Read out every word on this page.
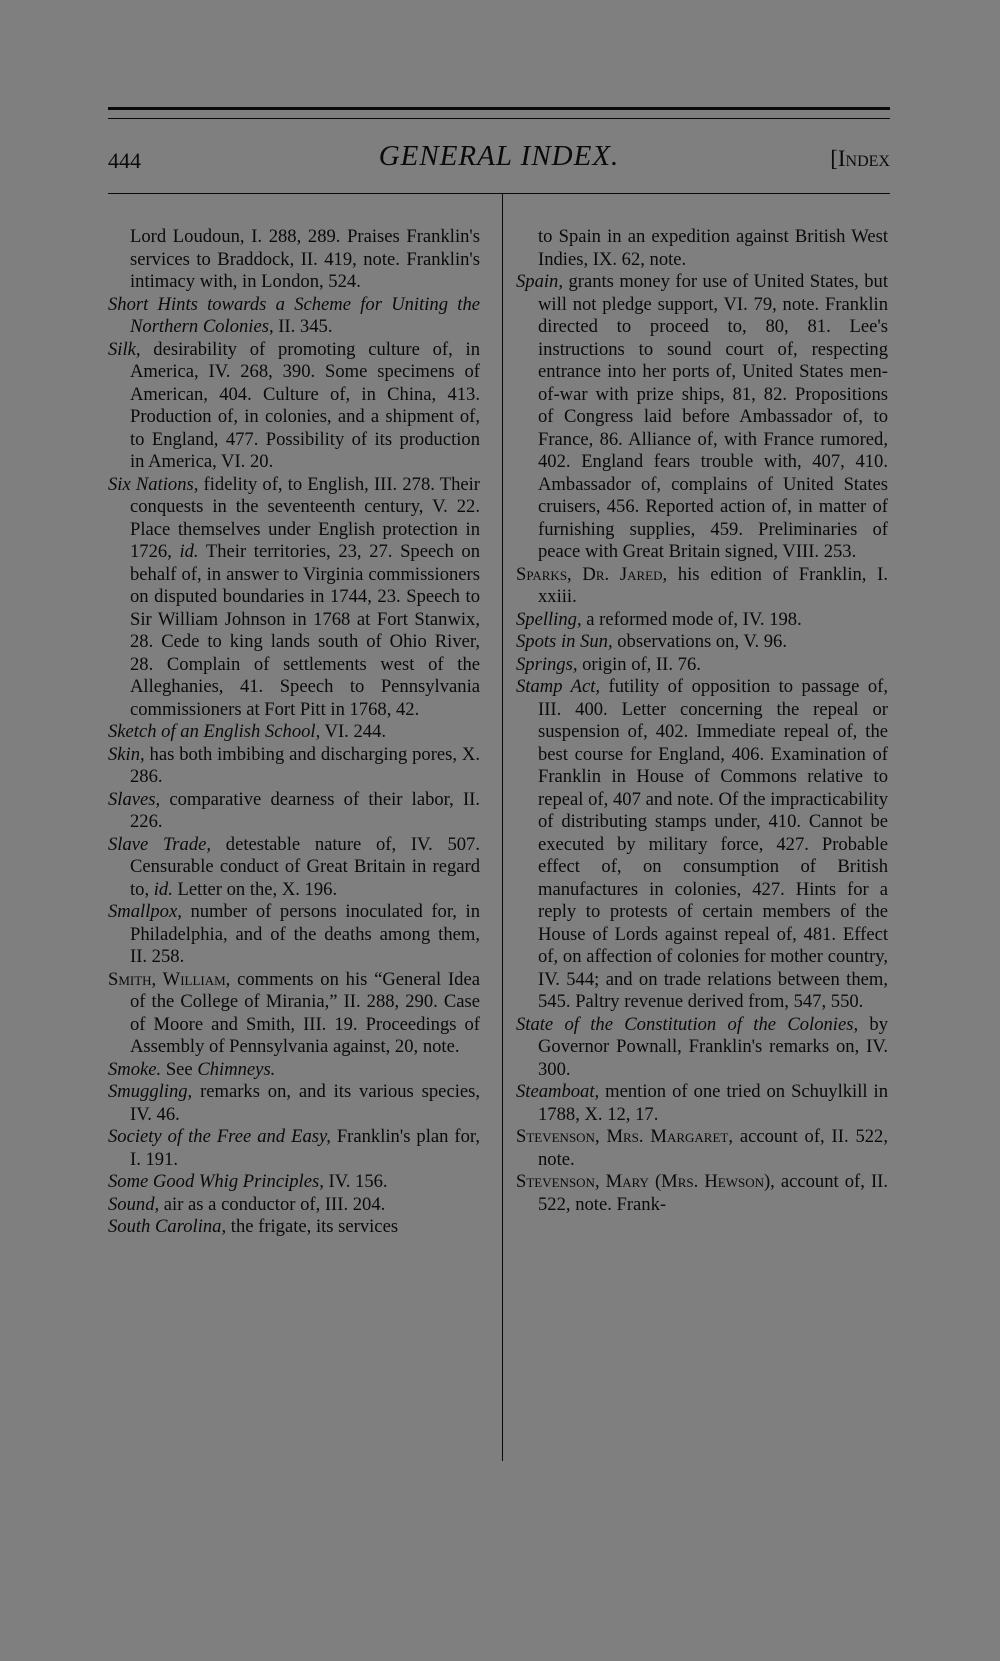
444	GENERAL INDEX.	[Index

Lord Loudoun, I. 288, 289. Praises Franklin's services to Braddock, II. 419, note. Franklin's intimacy with, in London, 524.

Short Hints towards a Scheme for Uniting the Northern Colonies, II. 345.

Silk, desirability of promoting culture of, in America, IV. 268, 390. Some specimens of American, 404. Culture of, in China, 413. Production of, in colonies, and a shipment of, to England, 477. Possibility of its production in America, VI. 20.

Six Nations, fidelity of, to English, III. 278. Their conquests in the seventeenth century, V. 22. Place themselves under English protection in 1726, id. Their territories, 23, 27. Speech on behalf of, in answer to Virginia commissioners on disputed boundaries in 1744, 23. Speech to Sir William Johnson in 1768 at Fort Stanwix, 28. Cede to king lands south of Ohio River, 28. Complain of settlements west of the Alleghanies, 41. Speech to Pennsylvania commissioners at Fort Pitt in 1768, 42.

Sketch of an English School, VI. 244.

Skin, has both imbibing and discharging pores, X. 286.

Slaves, comparative dearness of their labor, II. 226.

Slave Trade, detestable nature of, IV. 507. Censurable conduct of Great Britain in regard to, id. Letter on the, X. 196.

Smallpox, number of persons inoculated for, in Philadelphia, and of the deaths among them, II. 258.

Smith, William, comments on his “General Idea of the College of Mirania,” II. 288, 290. Case of Moore and Smith, III. 19. Proceedings of Assembly of Pennsylvania against, 20, note.

Smoke. See Chimneys.

Smuggling, remarks on, and its various species, IV. 46.

Society of the Free and Easy, Franklin's plan for, I. 191.

Some Good Whig Principles, IV. 156.

Sound, air as a conductor of, III. 204.

South Carolina, the frigate, its services

to Spain in an expedition against British West Indies, IX. 62, note.

Spain, grants money for use of United States, but will not pledge support, VI. 79, note. Franklin directed to proceed to, 80, 81. Lee's instructions to sound court of, respecting entrance into her ports of, United States men-of-war with prize ships, 81, 82. Propositions of Congress laid before Ambassador of, to France, 86. Alliance of, with France rumored, 402. England fears trouble with, 407, 410. Ambassador of, complains of United States cruisers, 456. Reported action of, in matter of furnishing supplies, 459. Preliminaries of peace with Great Britain signed, VIII. 253.

Sparks, Dr. Jared, his edition of Franklin, I. xxiii.

Spelling, a reformed mode of, IV. 198.

Spots in Sun, observations on, V. 96.

Springs, origin of, II. 76.

Stamp Act, futility of opposition to passage of, III. 400. Letter concerning the repeal or suspension of, 402. Immediate repeal of, the best course for England, 406. Examination of Franklin in House of Commons relative to repeal of, 407 and note. Of the impracticability of distributing stamps under, 410. Cannot be executed by military force, 427. Probable effect of, on consumption of British manufactures in colonies, 427. Hints for a reply to protests of certain members of the House of Lords against repeal of, 481. Effect of, on affection of colonies for mother country, IV. 544; and on trade relations between them, 545. Paltry revenue derived from, 547, 550.

State of the Constitution of the Colonies, by Governor Pownall, Franklin's remarks on, IV. 300.

Steamboat, mention of one tried on Schuylkill in 1788, X. 12, 17.

Stevenson, Mrs. Margaret, account of, II. 522, note.

Stevenson, Mary (Mrs. Hewson), account of, II. 522, note. Frank-
